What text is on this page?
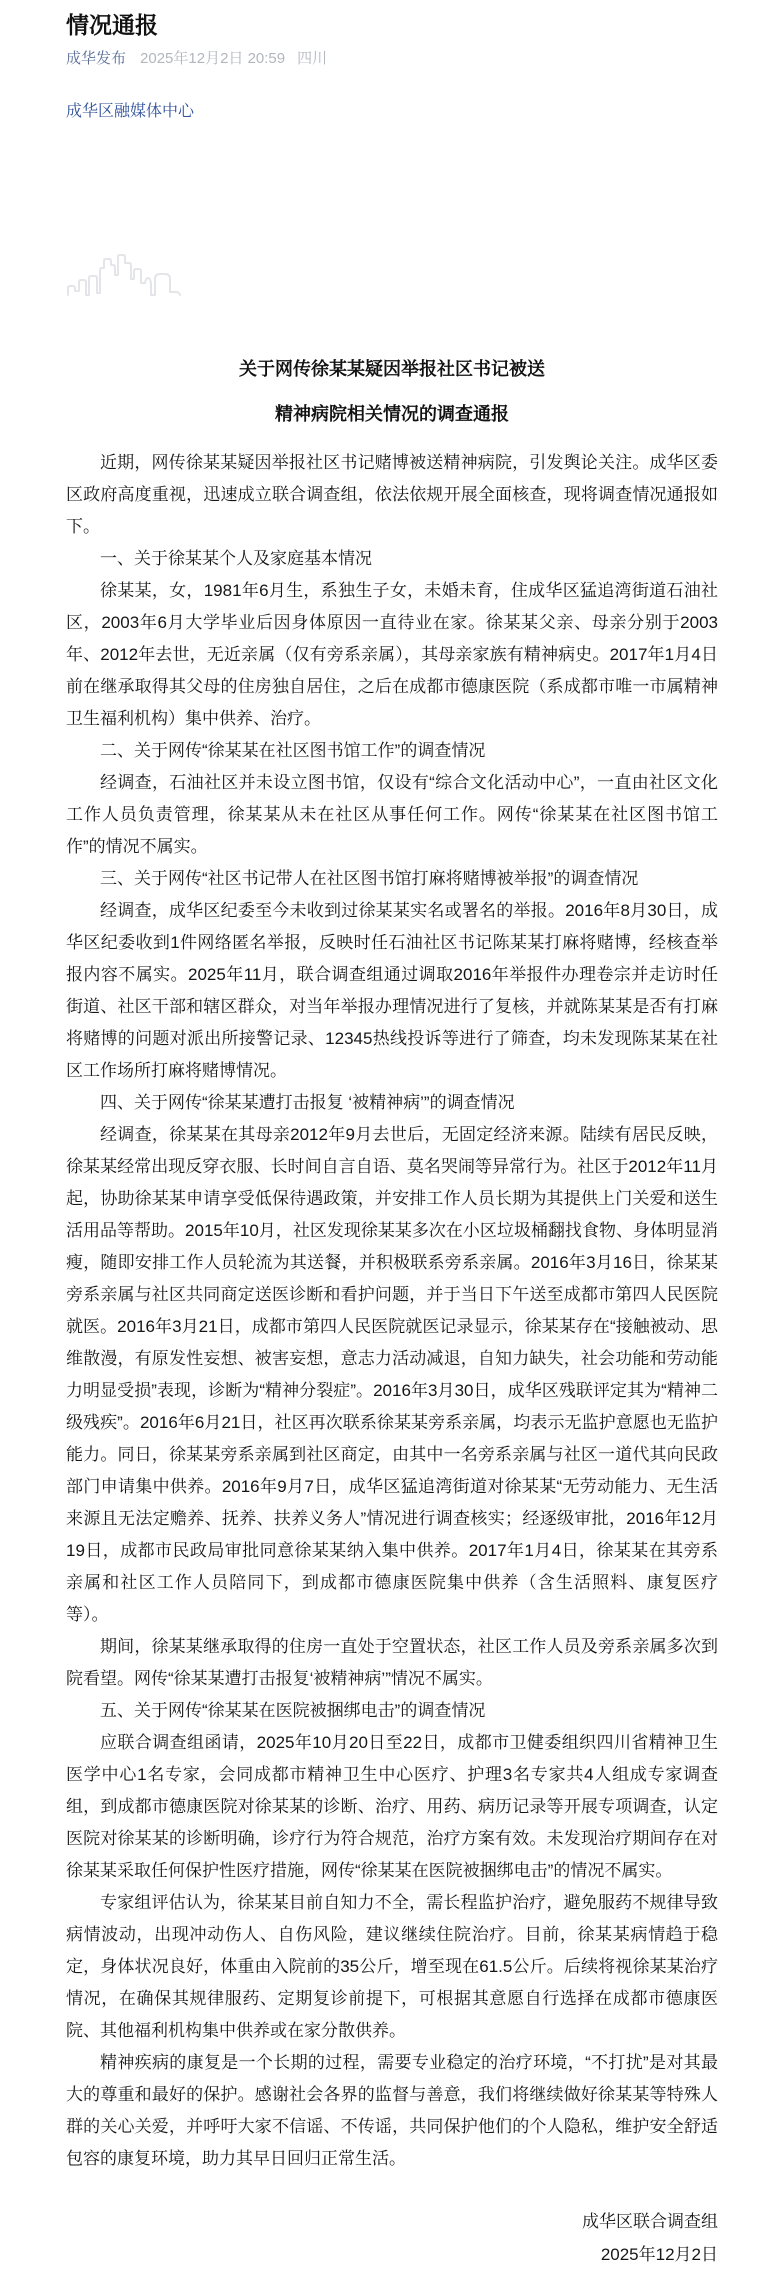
情况通报
成华发布 2025年12月2日 20:59 四川
成华区融媒体中心
关于网传徐某某疑因举报社区书记被送
精神病院相关情况的调查通报

近期，网传徐某某疑因举报社区书记赌博被送精神病院，引发舆论关注。成华区委区政府高度重视，迅速成立联合调查组，依法依规开展全面核查，现将调查情况通报如下。

一、关于徐某某个人及家庭基本情况

徐某某，女，1981年6月生，系独生子女，未婚未育，住成华区猛追湾街道石油社区，2003年6月大学毕业后因身体原因一直待业在家。徐某某父亲、母亲分别于2003年、2012年去世，无近亲属（仅有旁系亲属），其母亲家族有精神病史。2017年1月4日前在继承取得其父母的住房独自居住，之后在成都市德康医院（系成都市唯一市属精神卫生福利机构）集中供养、治疗。

二、关于网传“徐某某在社区图书馆工作”的调查情况

经调查，石油社区并未设立图书馆，仅设有“综合文化活动中心”，一直由社区文化工作人员负责管理，徐某某从未在社区从事任何工作。网传“徐某某在社区图书馆工作”的情况不属实。

三、关于网传“社区书记带人在社区图书馆打麻将赌博被举报”的调查情况

经调查，成华区纪委至今未收到过徐某某实名或署名的举报。2016年8月30日，成华区纪委收到1件网络匿名举报，反映时任石油社区书记陈某某打麻将赌博，经核查举报内容不属实。2025年11月，联合调查组通过调取2016年举报件办理卷宗并走访时任街道、社区干部和辖区群众，对当年举报办理情况进行了复核，并就陈某某是否有打麻将赌博的问题对派出所接警记录、12345热线投诉等进行了筛查，均未发现陈某某在社区工作场所打麻将赌博情况。

四、关于网传“徐某某遭打击报复 ‘被精神病’”的调查情况

经调查，徐某某在其母亲2012年9月去世后，无固定经济来源。陆续有居民反映，徐某某经常出现反穿衣服、长时间自言自语、莫名哭闹等异常行为。社区于2012年11月起，协助徐某某申请享受低保待遇政策，并安排工作人员长期为其提供上门关爱和送生活用品等帮助。2015年10月，社区发现徐某某多次在小区垃圾桶翻找食物、身体明显消瘦，随即安排工作人员轮流为其送餐，并积极联系旁系亲属。2016年3月16日，徐某某旁系亲属与社区共同商定送医诊断和看护问题，并于当日下午送至成都市第四人民医院就医。2016年3月21日，成都市第四人民医院就医记录显示，徐某某存在“接触被动、思维散漫，有原发性妄想、被害妄想，意志力活动减退，自知力缺失，社会功能和劳动能力明显受损”表现，诊断为“精神分裂症”。2016年3月30日，成华区残联评定其为“精神二级残疾”。2016年6月21日，社区再次联系徐某某旁系亲属，均表示无监护意愿也无监护能力。同日，徐某某旁系亲属到社区商定，由其中一名旁系亲属与社区一道代其向民政部门申请集中供养。2016年9月7日，成华区猛追湾街道对徐某某“无劳动能力、无生活来源且无法定赡养、抚养、扶养义务人”情况进行调查核实；经逐级审批，2016年12月19日，成都市民政局审批同意徐某某纳入集中供养。2017年1月4日，徐某某在其旁系亲属和社区工作人员陪同下，到成都市德康医院集中供养（含生活照料、康复医疗等）。

期间，徐某某继承取得的住房一直处于空置状态，社区工作人员及旁系亲属多次到院看望。网传“徐某某遭打击报复‘被精神病’”情况不属实。

五、关于网传“徐某某在医院被捆绑电击”的调查情况

应联合调查组函请，2025年10月20日至22日，成都市卫健委组织四川省精神卫生医学中心1名专家，会同成都市精神卫生中心医疗、护理3名专家共4人组成专家调查组，到成都市德康医院对徐某某的诊断、治疗、用药、病历记录等开展专项调查，认定医院对徐某某的诊断明确，诊疗行为符合规范，治疗方案有效。未发现治疗期间存在对徐某某采取任何保护性医疗措施，网传“徐某某在医院被捆绑电击”的情况不属实。

专家组评估认为，徐某某目前自知力不全，需长程监护治疗，避免服药不规律导致病情波动，出现冲动伤人、自伤风险，建议继续住院治疗。目前，徐某某病情趋于稳定，身体状况良好，体重由入院前的35公斤，增至现在61.5公斤。后续将视徐某某治疗情况，在确保其规律服药、定期复诊前提下，可根据其意愿自行选择在成都市德康医院、其他福利机构集中供养或在家分散供养。

精神疾病的康复是一个长期的过程，需要专业稳定的治疗环境，“不打扰”是对其最大的尊重和最好的保护。感谢社会各界的监督与善意，我们将继续做好徐某某等特殊人群的关心关爱，并呼吁大家不信谣、不传谣，共同保护他们的个人隐私，维护安全舒适包容的康复环境，助力其早日回归正常生活。

成华区联合调查组
2025年12月2日
